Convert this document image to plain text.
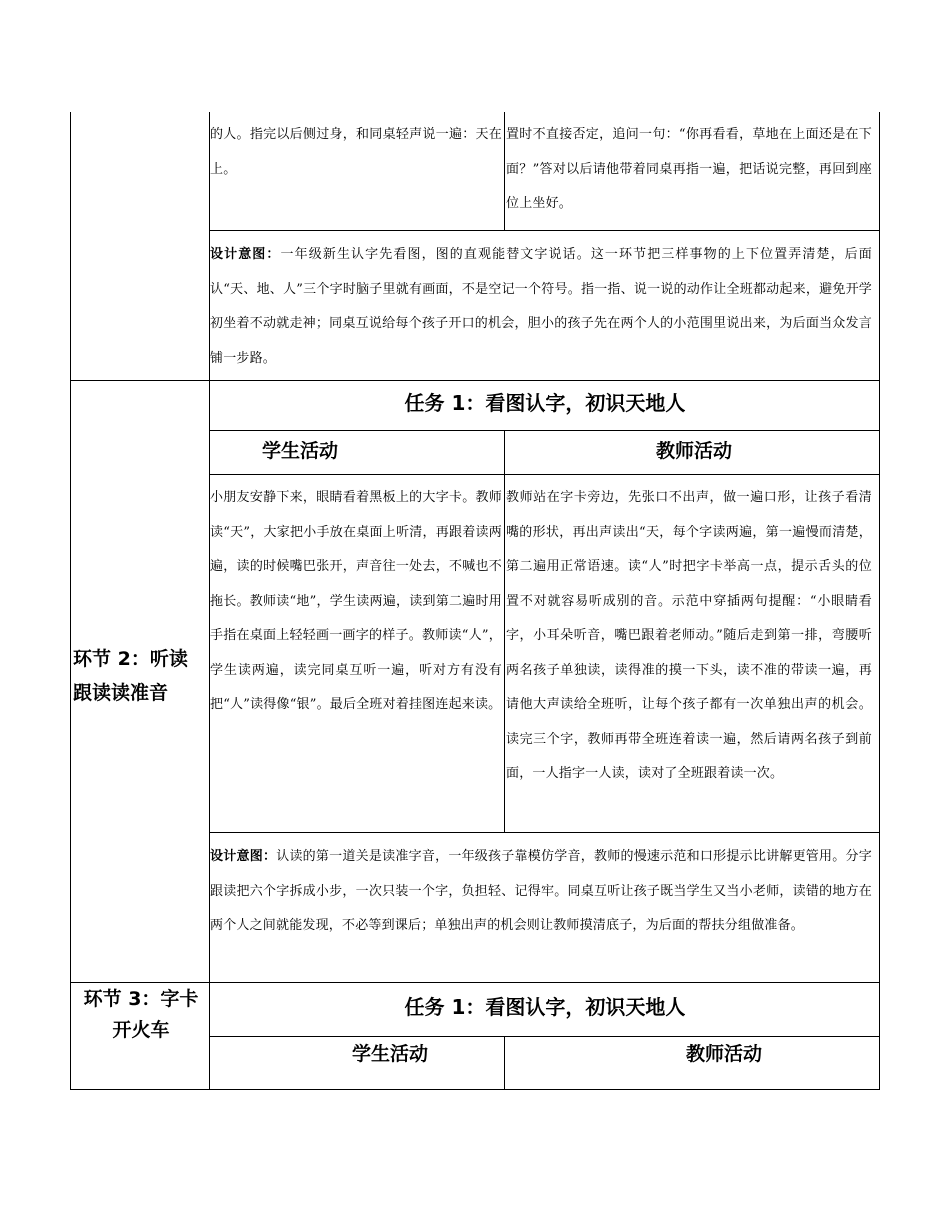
的人。指完以后侧过身，和同桌轻声说一遍：天在上。
置时不直接否定，追问一句：“你再看看，草地在上面还是在下面？”答对以后请他带着同桌再指一遍，把话说完整，再回到座位上坐好。
设计意图：一年级新生认字先看图，图的直观能替文字说话。这一环节把三样事物的上下位置弄清楚，后面认“天、地、人”三个字时脑子里就有画面，不是空记一个符号。指一指、说一说的动作让全班都动起来，避免开学初坐着不动就走神；同桌互说给每个孩子开口的机会，胆小的孩子先在两个人的小范围里说出来，为后面当众发言铺一步路。
环节 2：听读跟读读准音
任务 1：看图认字，初识天地人
学生活动	教师活动
小朋友安静下来，眼睛看着黑板上的大字卡。教师读“天”，大家把小手放在桌面上听清，再跟着读两遍，读的时候嘴巴张开，声音往一处去，不喊也不拖长。教师读“地”，学生读两遍，读到第二遍时用手指在桌面上轻轻画一画字的样子。教师读“人”，学生读两遍，读完同桌互听一遍，听对方有没有把“人”读得像“银”。最后全班对着挂图连起来读。
教师站在字卡旁边，先张口不出声，做一遍口形，让孩子看清嘴的形状，再出声读出“天，每个字读两遍，第一遍慢而清楚，第二遍用正常语速。读“人”时把字卡举高一点，提示舌头的位置不对就容易听成别的音。示范中穿插两句提醒：“小眼睛看字，小耳朵听音，嘴巴跟着老师动。”随后走到第一排，弯腰听两名孩子单独读，读得准的摸一下头，读不准的带读一遍，再请他大声读给全班听，让每个孩子都有一次单独出声的机会。读完三个字，教师再带全班连着读一遍，然后请两名孩子到前面，一人指字一人读，读对了全班跟着读一次。
设计意图：认读的第一道关是读准字音，一年级孩子靠模仿学音，教师的慢速示范和口形提示比讲解更管用。分字跟读把六个字拆成小步，一次只装一个字，负担轻、记得牢。同桌互听让孩子既当学生又当小老师，读错的地方在两个人之间就能发现，不必等到课后；单独出声的机会则让教师摸清底子，为后面的帮扶分组做准备。
环节 3：字卡开火车
任务 1：看图认字，初识天地人
学生活动	教师活动
